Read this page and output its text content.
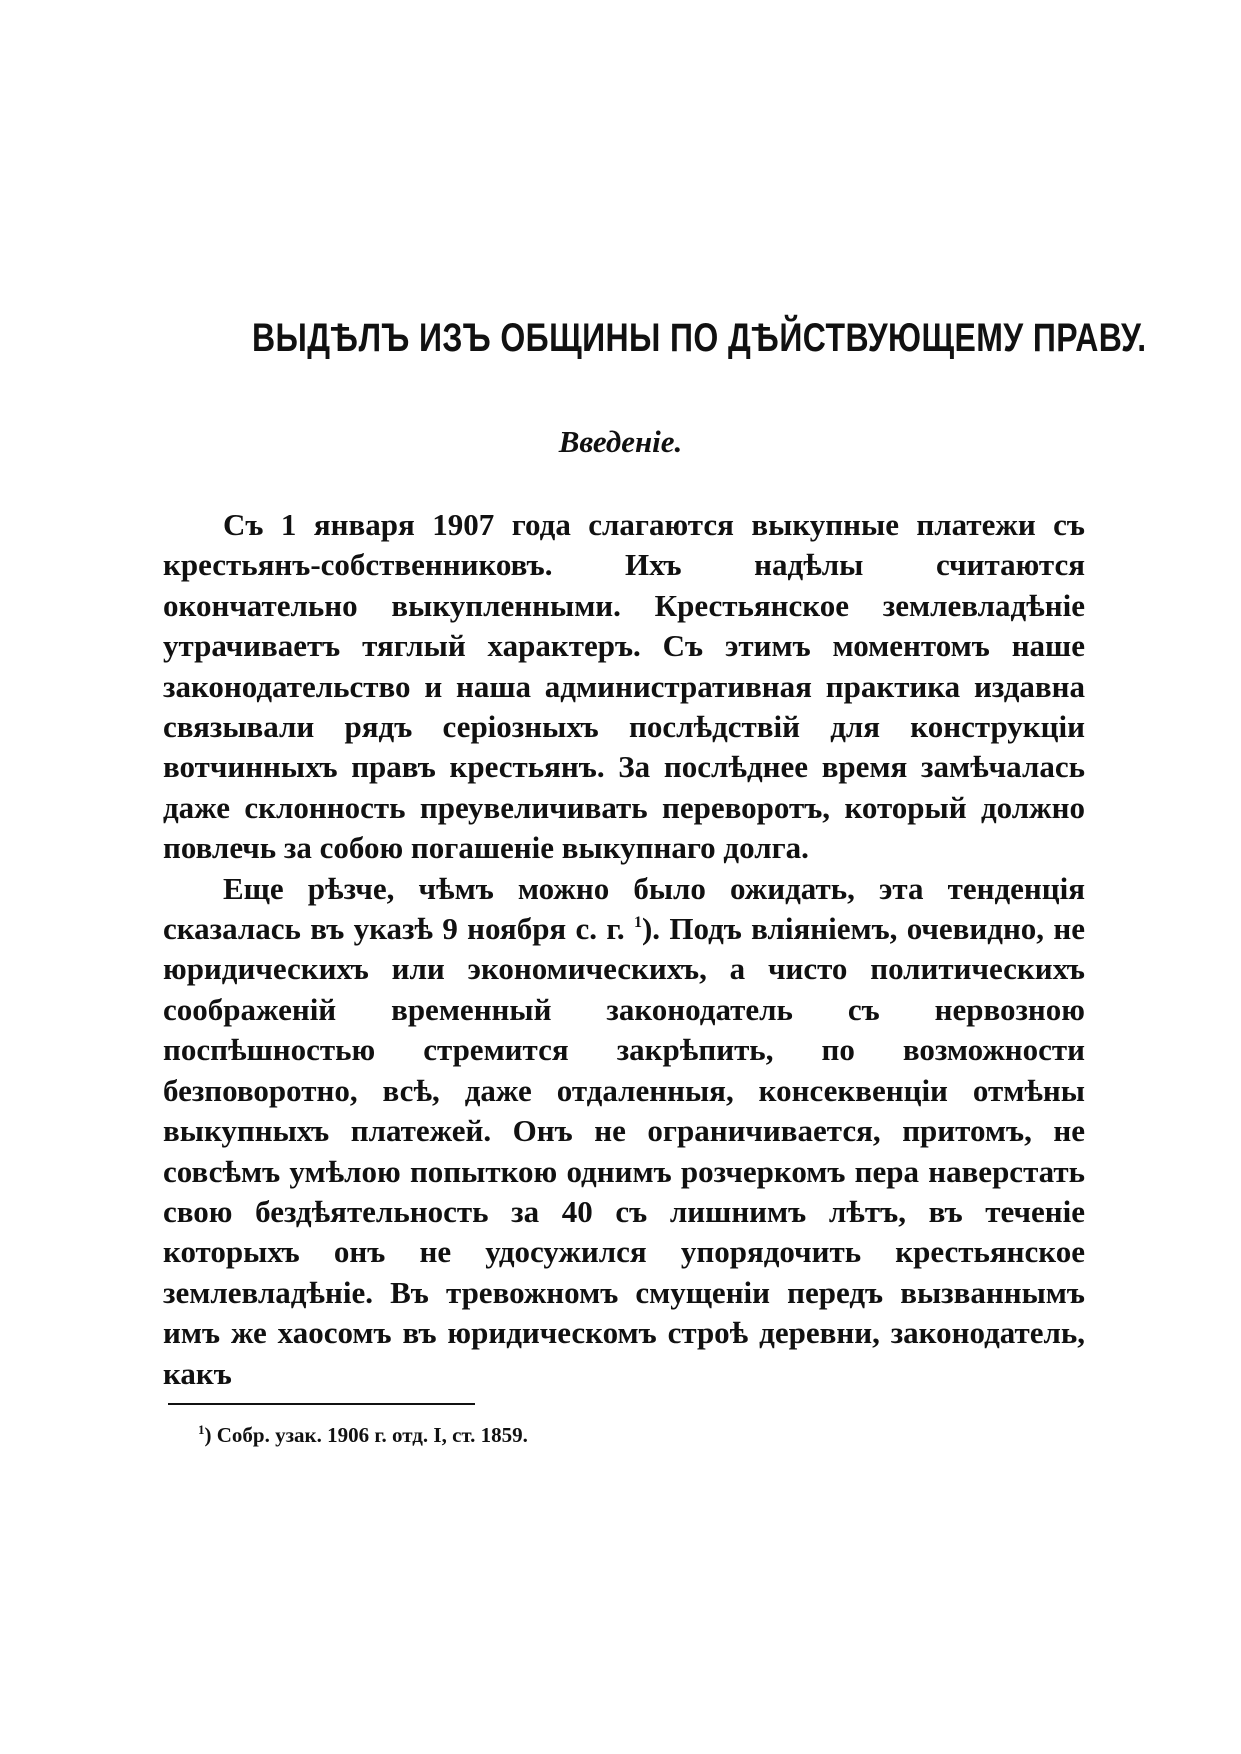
ВЫДѢЛЪ ИЗЪ ОБЩИНЫ ПО ДѢЙСТВУЮЩЕМУ ПРАВУ.
Введеніе.

Съ 1 января 1907 года слагаются выкупные платежи съ крестьянъ-собственниковъ. Ихъ надѣлы считаются окончательно выкупленными. Крестьянское землевладѣніе утрачиваетъ тяглый характеръ. Съ этимъ моментомъ наше законодательство и наша административная практика издавна связывали рядъ серіозныхъ послѣдствій для конструкціи вотчинныхъ правъ крестьянъ. За послѣднее время замѣчалась даже склонность преувеличивать переворотъ, который должно повлечь за собою погашеніе выкупнаго долга.

Еще рѣзче, чѣмъ можно было ожидать, эта тенденція сказалась въ указѣ 9 ноября с. г. $^1$). Подъ вліяніемъ, очевидно, не юридическихъ или экономическихъ, а чисто политическихъ соображеній временный законодатель съ нервозною поспѣшностью стремится закрѣпить, по возможности безповоротно, всѣ, даже отдаленныя, консеквенціи отмѣны выкупныхъ платежей. Онъ не ограничивается, притомъ, не совсѣмъ умѣлою попыткою однимъ розчеркомъ пера наверстать свою бездѣятельность за 40 съ лишнимъ лѣтъ, въ теченіе которыхъ онъ не удосужился упорядочить крестьянское землевладѣніе. Въ тревожномъ смущеніи передъ вызваннымъ имъ же хаосомъ въ юридическомъ строѣ деревни, законодатель, какъ

$^1$) Собр. узак. 1906 г. отд. I, ст. 1859.
